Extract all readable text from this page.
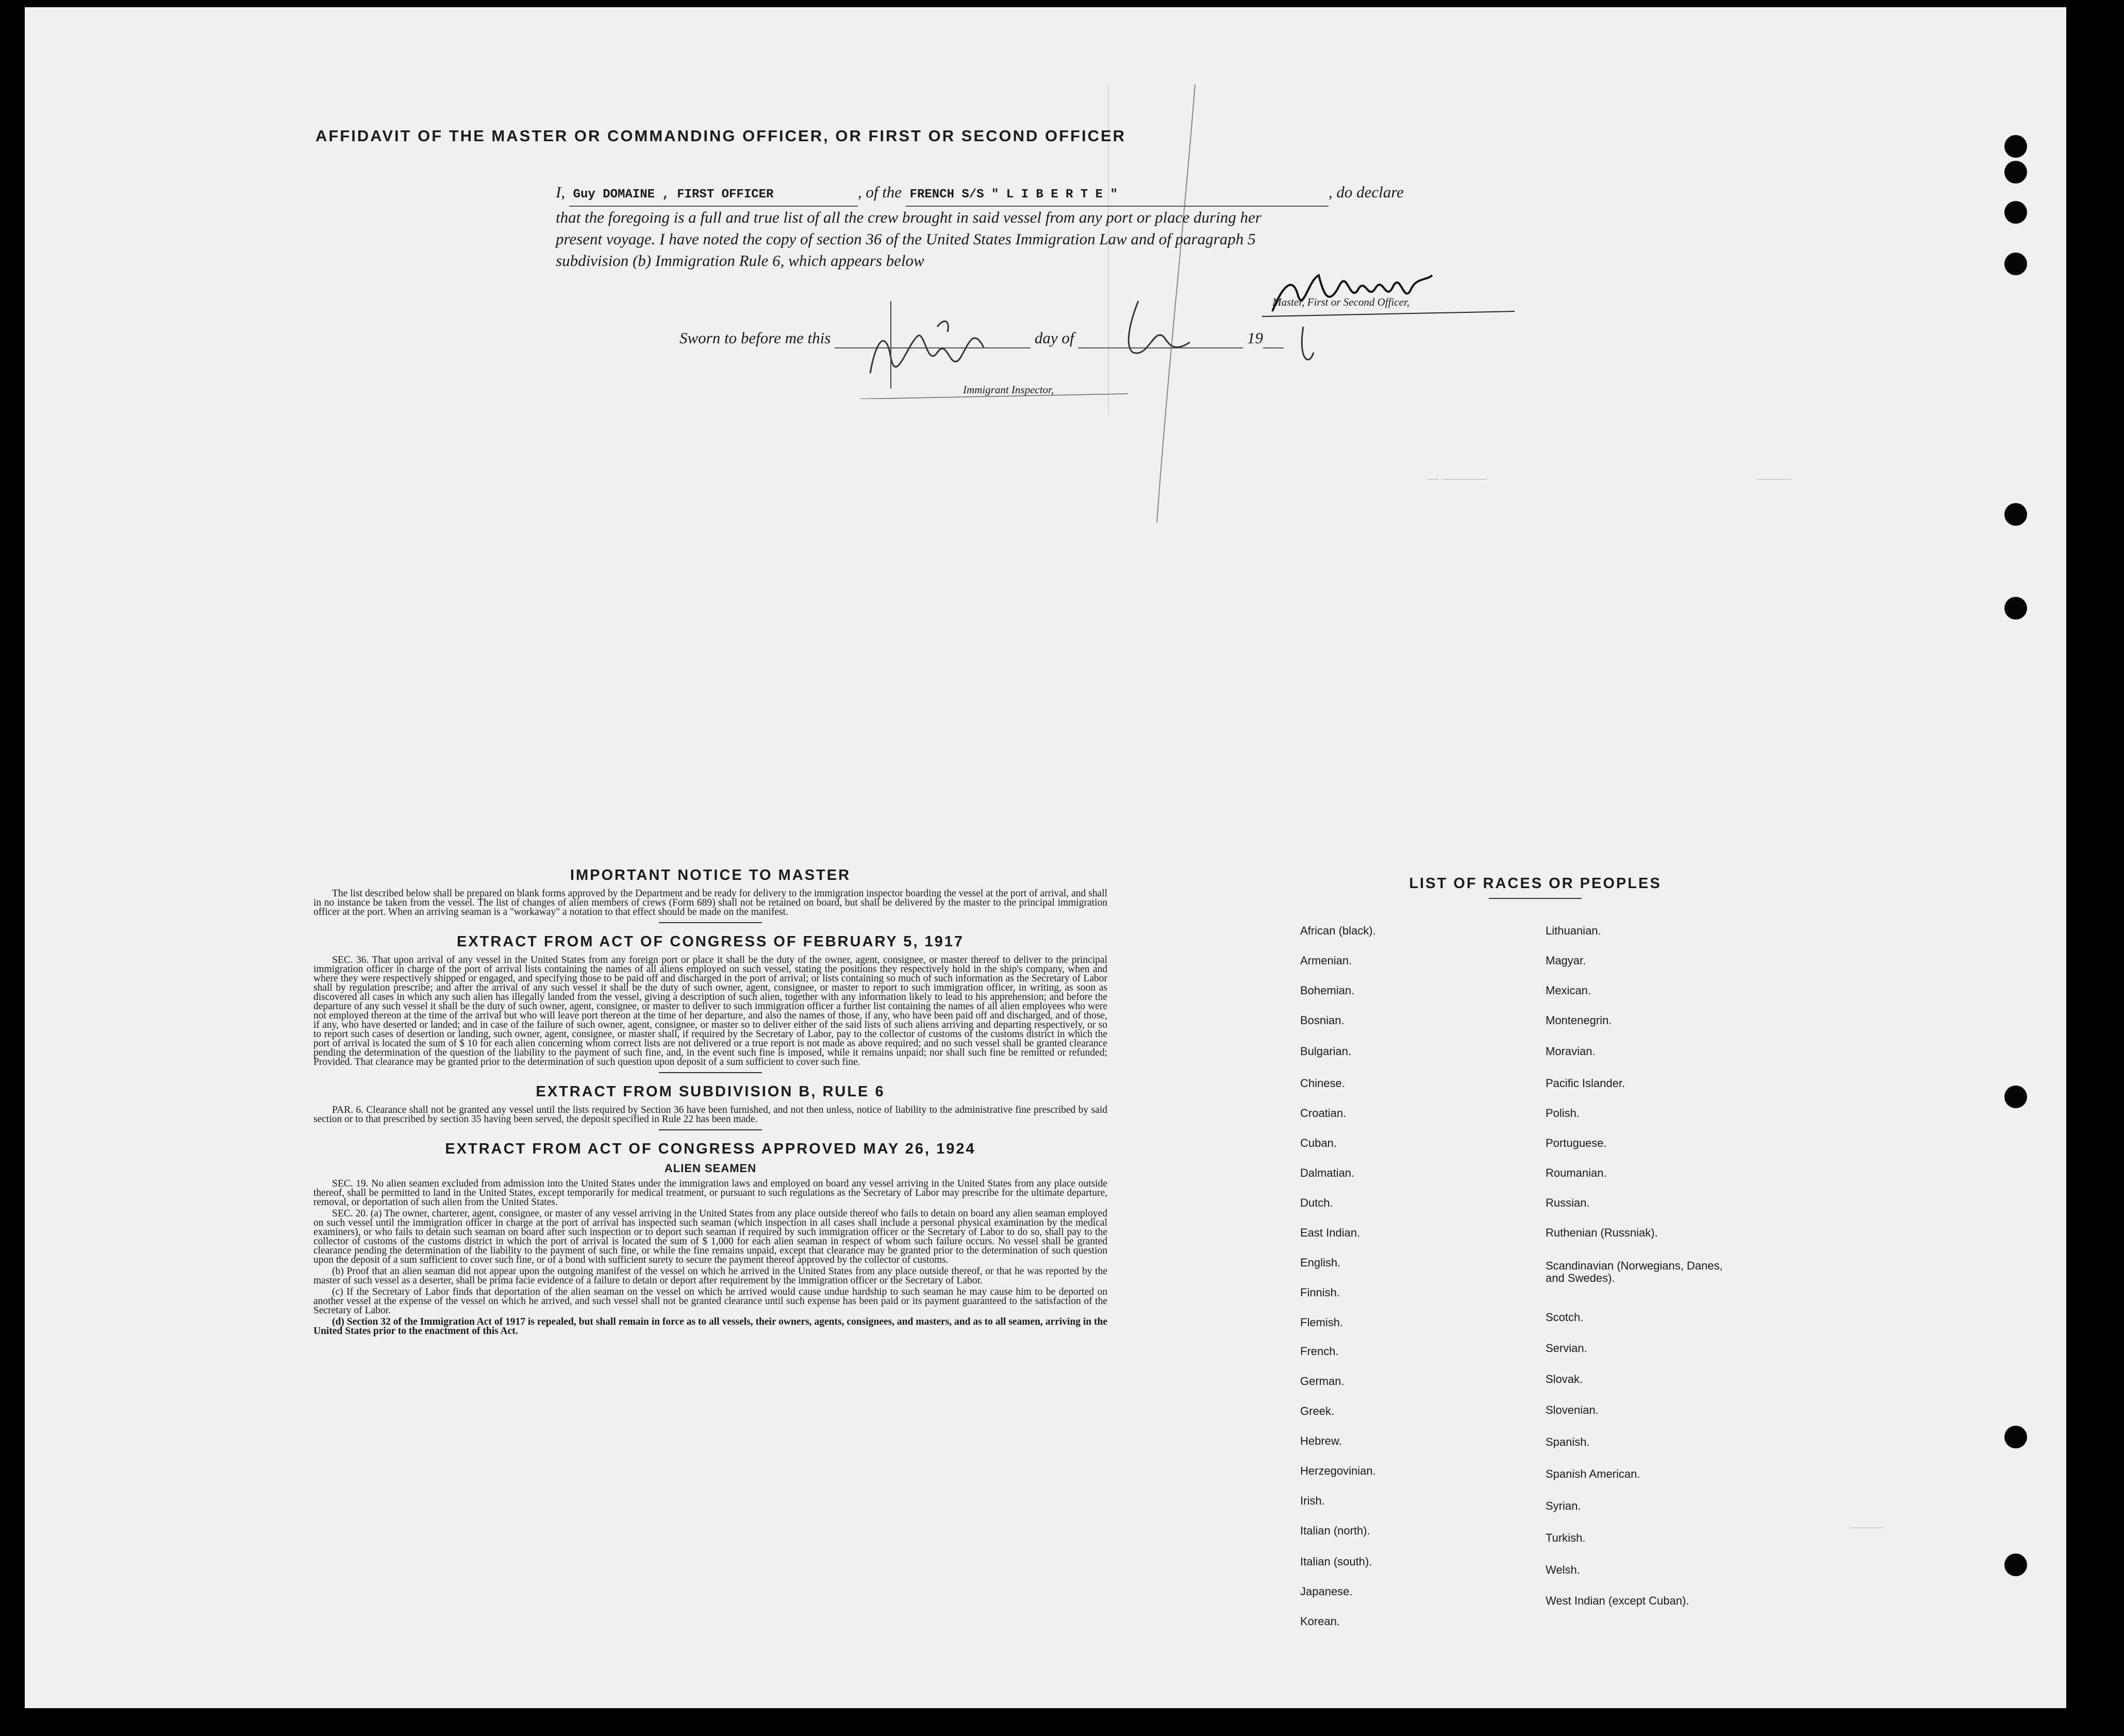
AFFIDAVIT OF THE MASTER OR COMMANDING OFFICER, OR FIRST OR SECOND OFFICER
I, Guy DOMAINE , FIRST OFFICER	, of the FRENCH S/S " L I B E R T E "	, do declare
that the foregoing is a full and true list of all the crew brought in said vessel from any port or place during her
present voyage. I have noted the copy of section 36 of the United States Immigration Law and of paragraph 5
subdivision (b) Immigration Rule 6, which appears below
Master, First or Second Officer,
Sworn to before me this	day of	19
Immigrant Inspector,
― ――――	―――
―――
IMPORTANT NOTICE TO MASTER

The list described below shall be prepared on blank forms approved by the Department and be ready for delivery to the immigration inspector boarding the vessel at the port of arrival, and shall in no instance be taken from the vessel. The list of changes of alien members of crews (Form 689) shall not be retained on board, but shall be delivered by the master to the principal immigration officer at the port. When an arriving seaman is a "workaway" a notation to that effect should be made on the manifest.

EXTRACT FROM ACT OF CONGRESS OF FEBRUARY 5, 1917

SEC. 36. That upon arrival of any vessel in the United States from any foreign port or place it shall be the duty of the owner, agent, consignee, or master thereof to deliver to the principal immigration officer in charge of the port of arrival lists containing the names of all aliens employed on such vessel, stating the positions they respectively hold in the ship's company, when and where they were respectively shipped or engaged, and specifying those to be paid off and discharged in the port of arrival; or lists containing so much of such information as the Secretary of Labor shall by regulation prescribe; and after the arrival of any such vessel it shall be the duty of such owner, agent, consignee, or master to report to such immigration officer, in writing, as soon as discovered all cases in which any such alien has illegally landed from the vessel, giving a description of such alien, together with any information likely to lead to his apprehension; and before the departure of any such vessel it shall be the duty of such owner, agent, consignee, or master to deliver to such immigration officer a further list containing the names of all alien employees who were not employed thereon at the time of the arrival but who will leave port thereon at the time of her departure, and also the names of those, if any, who have been paid off and discharged, and of those, if any, who have deserted or landed; and in case of the failure of such owner, agent, consignee, or master so to deliver either of the said lists of such aliens arriving and departing respectively, or so to report such cases of desertion or landing, such owner, agent, consignee, or master shall, if required by the Secretary of Labor, pay to the collector of customs of the customs district in which the port of arrival is located the sum of $ 10 for each alien concerning whom correct lists are not delivered or a true report is not made as above required; and no such vessel shall be granted clearance pending the determination of the question of the liability to the payment of such fine, and, in the event such fine is imposed, while it remains unpaid; nor shall such fine be remitted or refunded; Provided. That clearance may be granted prior to the determination of such question upon deposit of a sum sufficient to cover such fine.

EXTRACT FROM SUBDIVISION B, RULE 6

PAR. 6. Clearance shall not be granted any vessel until the lists required by Section 36 have been furnished, and not then unless, notice of liability to the administrative fine prescribed by said section or to that prescribed by section 35 having been served, the deposit specified in Rule 22 has been made.

EXTRACT FROM ACT OF CONGRESS APPROVED MAY 26, 1924
ALIEN SEAMEN

SEC. 19. No alien seamen excluded from admission into the United States under the immigration laws and employed on board any vessel arriving in the United States from any place outside thereof, shall be permitted to land in the United States, except temporarily for medical treatment, or pursuant to such regulations as the Secretary of Labor may prescribe for the ultimate departure, removal, or deportation of such alien from the United States.

SEC. 20. (a) The owner, charterer, agent, consignee, or master of any vessel arriving in the United States from any place outside thereof who fails to detain on board any alien seaman employed on such vessel until the immigration officer in charge at the port of arrival has inspected such seaman (which inspection in all cases shall include a personal physical examination by the medical examiners), or who fails to detain such seaman on board after such inspection or to deport such seaman if required by such immigration officer or the Secretary of Labor to do so, shall pay to the collector of customs of the customs district in which the port of arrival is located the sum of $ 1,000 for each alien seaman in respect of whom such failure occurs. No vessel shall be granted clearance pending the determination of the liability to the payment of such fine, or while the fine remains unpaid, except that clearance may be granted prior to the determination of such question upon the deposit of a sum sufficient to cover such fine, or of a bond with sufficient surety to secure the payment thereof approved by the collector of customs.

(b) Proof that an alien seaman did not appear upon the outgoing manifest of the vessel on which he arrived in the United States from any place outside thereof, or that he was reported by the master of such vessel as a deserter, shall be prima facie evidence of a failure to detain or deport after requirement by the immigration officer or the Secretary of Labor.

(c) If the Secretary of Labor finds that deportation of the alien seaman on the vessel on which he arrived would cause undue hardship to such seaman he may cause him to be deported on another vessel at the expense of the vessel on which he arrived, and such vessel shall not be granted clearance until such expense has been paid or its payment guaranteed to the satisfaction of the Secretary of Labor.

(d) Section 32 of the Immigration Act of 1917 is repealed, but shall remain in force as to all vessels, their owners, agents, consignees, and masters, and as to all seamen, arriving in the United States prior to the enactment of this Act.

LIST OF RACES OR PEOPLES
African (black).
Armenian.
Bohemian.
Bosnian.
Bulgarian.
Chinese.
Croatian.
Cuban.
Dalmatian.
Dutch.
East Indian.
English.
Finnish.
Flemish.
French.
German.
Greek.
Hebrew.
Herzegovinian.
Irish.
Italian (north).
Italian (south).
Japanese.
Korean.
Lithuanian.
Magyar.
Mexican.
Montenegrin.
Moravian.
Pacific Islander.
Polish.
Portuguese.
Roumanian.
Russian.
Ruthenian (Russniak).
Scandinavian (Norwegians, Danes, and Swedes).
Scotch.
Servian.
Slovak.
Slovenian.
Spanish.
Spanish American.
Syrian.
Turkish.
Welsh.
West Indian (except Cuban).
